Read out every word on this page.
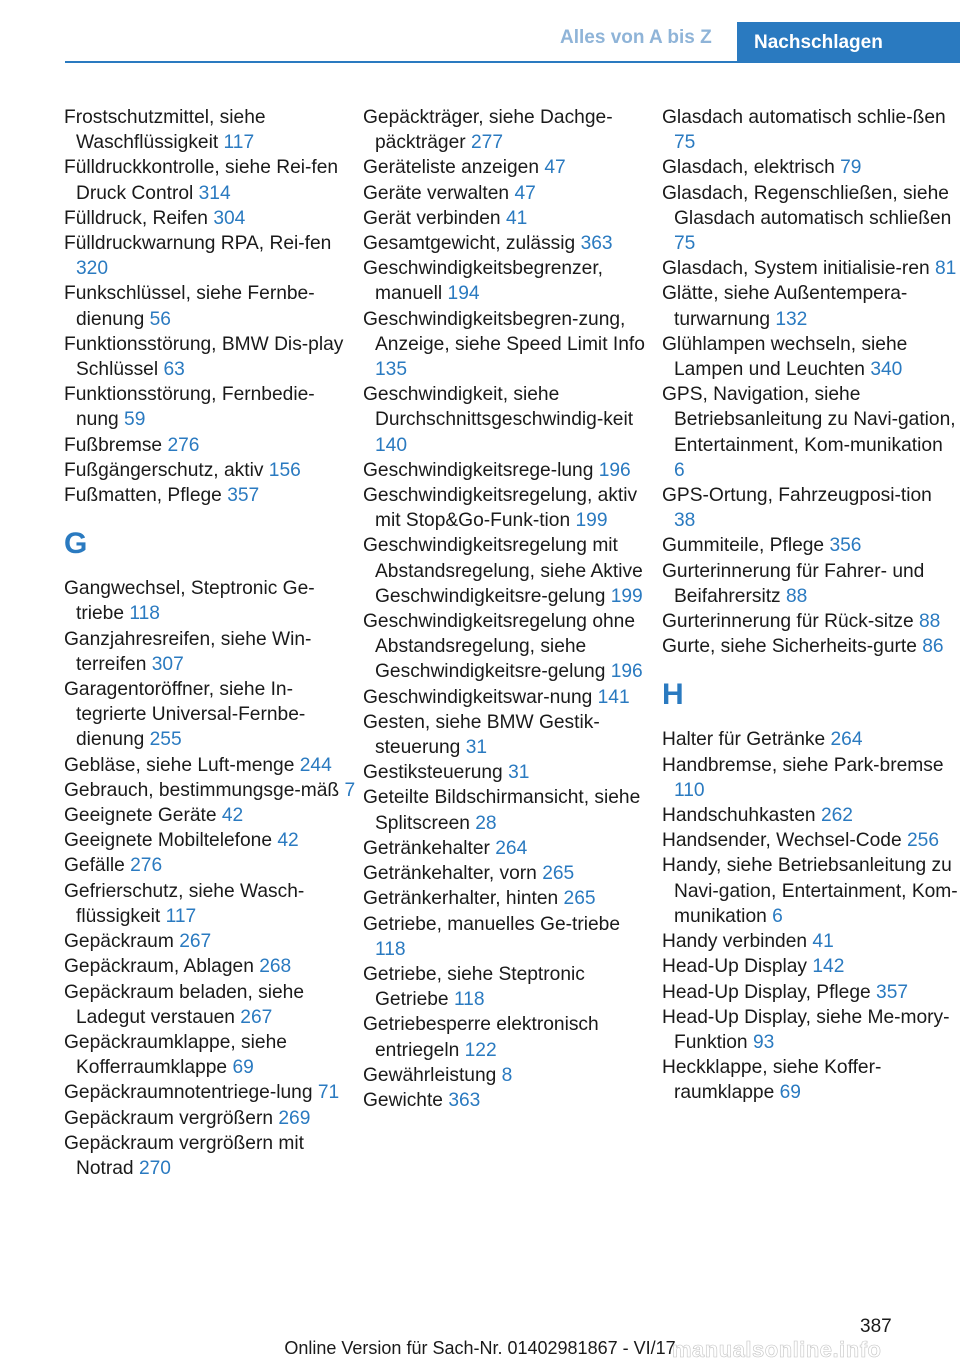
Alles von A bis Z	Nachschlagen

Frostschutzmittel, siehe Waschflüssigkeit 117

Fülldruckkontrolle, siehe Rei-fen Druck Control 314

Fülldruck, Reifen 304

Fülldruckwarnung RPA, Rei-fen 320

Funkschlüssel, siehe Fernbe-dienung 56

Funktionsstörung, BMW Dis-play Schlüssel 63

Funktionsstörung, Fernbedie-nung 59

Fußbremse 276

Fußgängerschutz, aktiv 156

Fußmatten, Pflege 357

G

Gangwechsel, Steptronic Ge-triebe 118

Ganzjahresreifen, siehe Win-terreifen 307

Garagentoröffner, siehe In-tegrierte Universal-Fernbe-dienung 255

Gebläse, siehe Luft-menge 244

Gebrauch, bestimmungsge-mäß 7

Geeignete Geräte 42

Geeignete Mobiltelefone 42

Gefälle 276

Gefrierschutz, siehe Wasch-flüssigkeit 117

Gepäckraum 267

Gepäckraum, Ablagen 268

Gepäckraum beladen, siehe Ladegut verstauen 267

Gepäckraumklappe, siehe Kofferraumklappe 69

Gepäckraumnotentriege-lung 71

Gepäckraum vergrößern 269

Gepäckraum vergrößern mit Notrad 270

Gepäckträger, siehe Dachge-päckträger 277

Geräteliste anzeigen 47

Geräte verwalten 47

Gerät verbinden 41

Gesamtgewicht, zulässig 363

Geschwindigkeitsbegrenzer, manuell 194

Geschwindigkeitsbegren-zung, Anzeige, siehe Speed Limit Info 135

Geschwindigkeit, siehe Durchschnittsgeschwindig-keit 140

Geschwindigkeitsrege-lung 196

Geschwindigkeitsregelung, aktiv mit Stop&Go-Funk-tion 199

Geschwindigkeitsregelung mit Abstandsregelung, siehe Aktive Geschwindigkeitsre-gelung 199

Geschwindigkeitsregelung ohne Abstandsregelung, siehe Geschwindigkeitsre-gelung 196

Geschwindigkeitswar-nung 141

Gesten, siehe BMW Gestik-steuerung 31

Gestiksteuerung 31

Geteilte Bildschirmansicht, siehe Splitscreen 28

Getränkehalter 264

Getränkehalter, vorn 265

Getränkerhalter, hinten 265

Getriebe, manuelles Ge-triebe 118

Getriebe, siehe Steptronic Getriebe 118

Getriebesperre elektronisch entriegeln 122

Gewährleistung 8

Gewichte 363

Glasdach automatisch schlie-ßen 75

Glasdach, elektrisch 79

Glasdach, Regenschließen, siehe Glasdach automatisch schließen 75

Glasdach, System initialisie-ren 81

Glätte, siehe Außentempera-turwarnung 132

Glühlampen wechseln, siehe Lampen und Leuchten 340

GPS, Navigation, siehe Betriebsanleitung zu Navi-gation, Entertainment, Kom-munikation 6

GPS-Ortung, Fahrzeugposi-tion 38

Gummiteile, Pflege 356

Gurterinnerung für Fahrer- und Beifahrersitz 88

Gurterinnerung für Rück-sitze 88

Gurte, siehe Sicherheits-gurte 86

H

Halter für Getränke 264

Handbremse, siehe Park-bremse 110

Handschuhkasten 262

Handsender, Wechsel-Code 256

Handy, siehe Betriebsanleitung zu Navi-gation, Entertainment, Kom-munikation 6

Handy verbinden 41

Head-Up Display 142

Head-Up Display, Pflege 357

Head-Up Display, siehe Me-mory-Funktion 93

Heckklappe, siehe Koffer-raumklappe 69

387
Online Version für Sach-Nr. 01402981867 - VI/17
manualsonline.info
